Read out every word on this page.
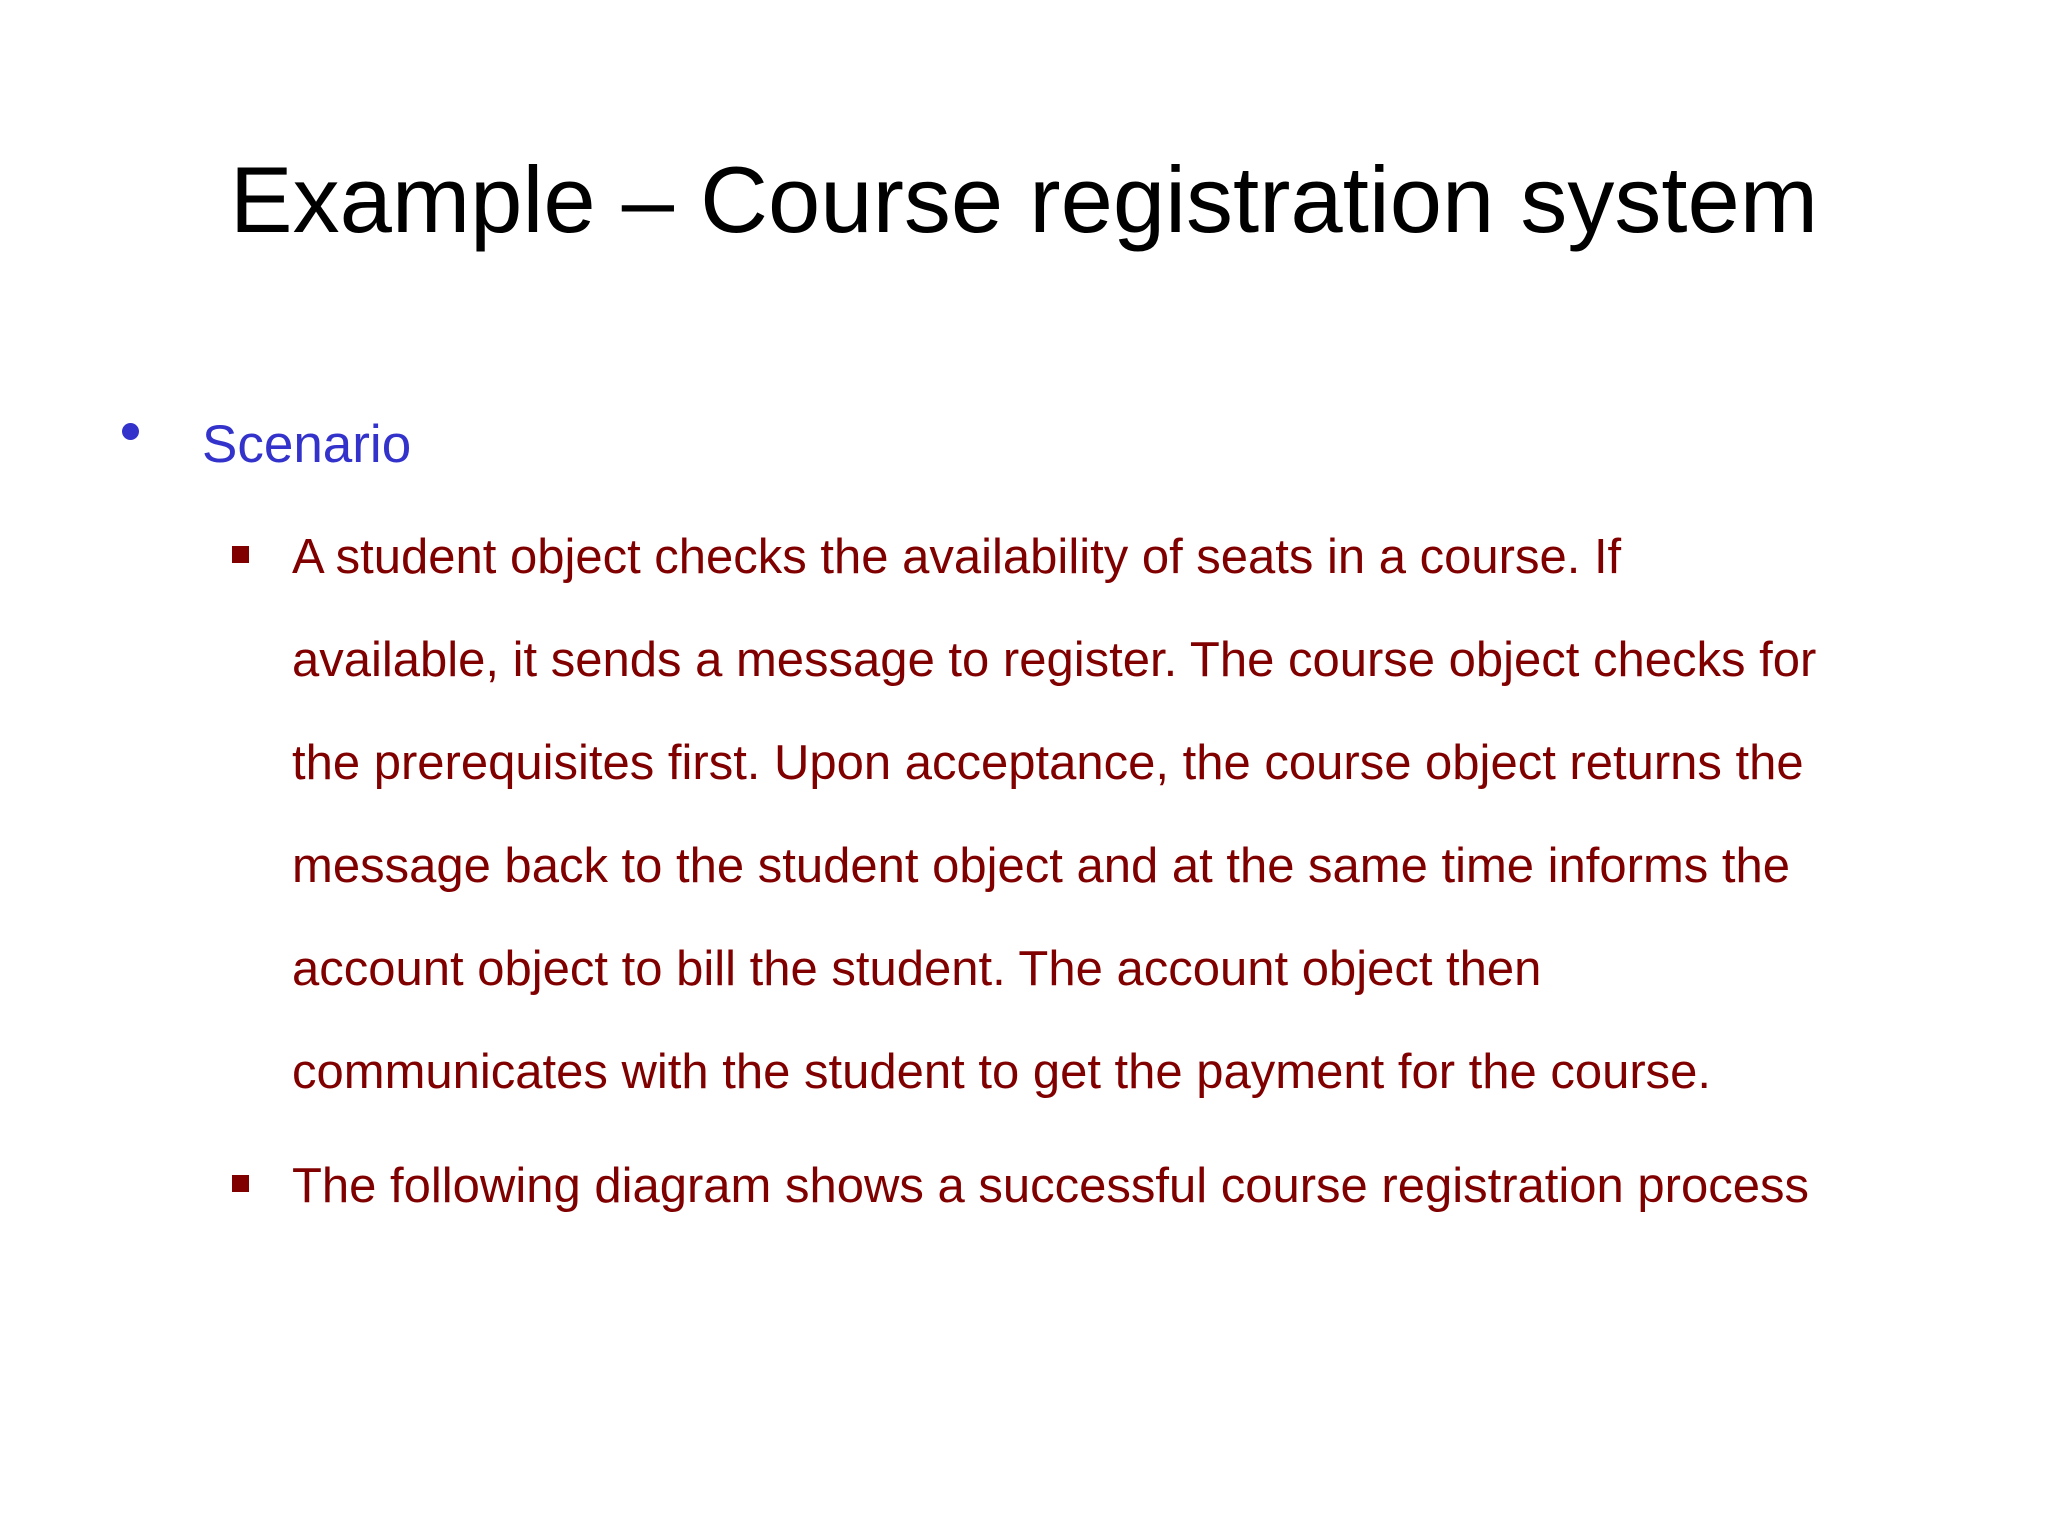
Example – Course registration system
Scenario
A student object checks the availability of seats in a course. If
available, it sends a message to register. The course object checks for
the prerequisites first. Upon acceptance, the course object returns the
message back to the student object and at the same time informs the
account object to bill the student. The account object then
communicates with the student to get the payment for the course.
The following diagram shows a successful course registration process
